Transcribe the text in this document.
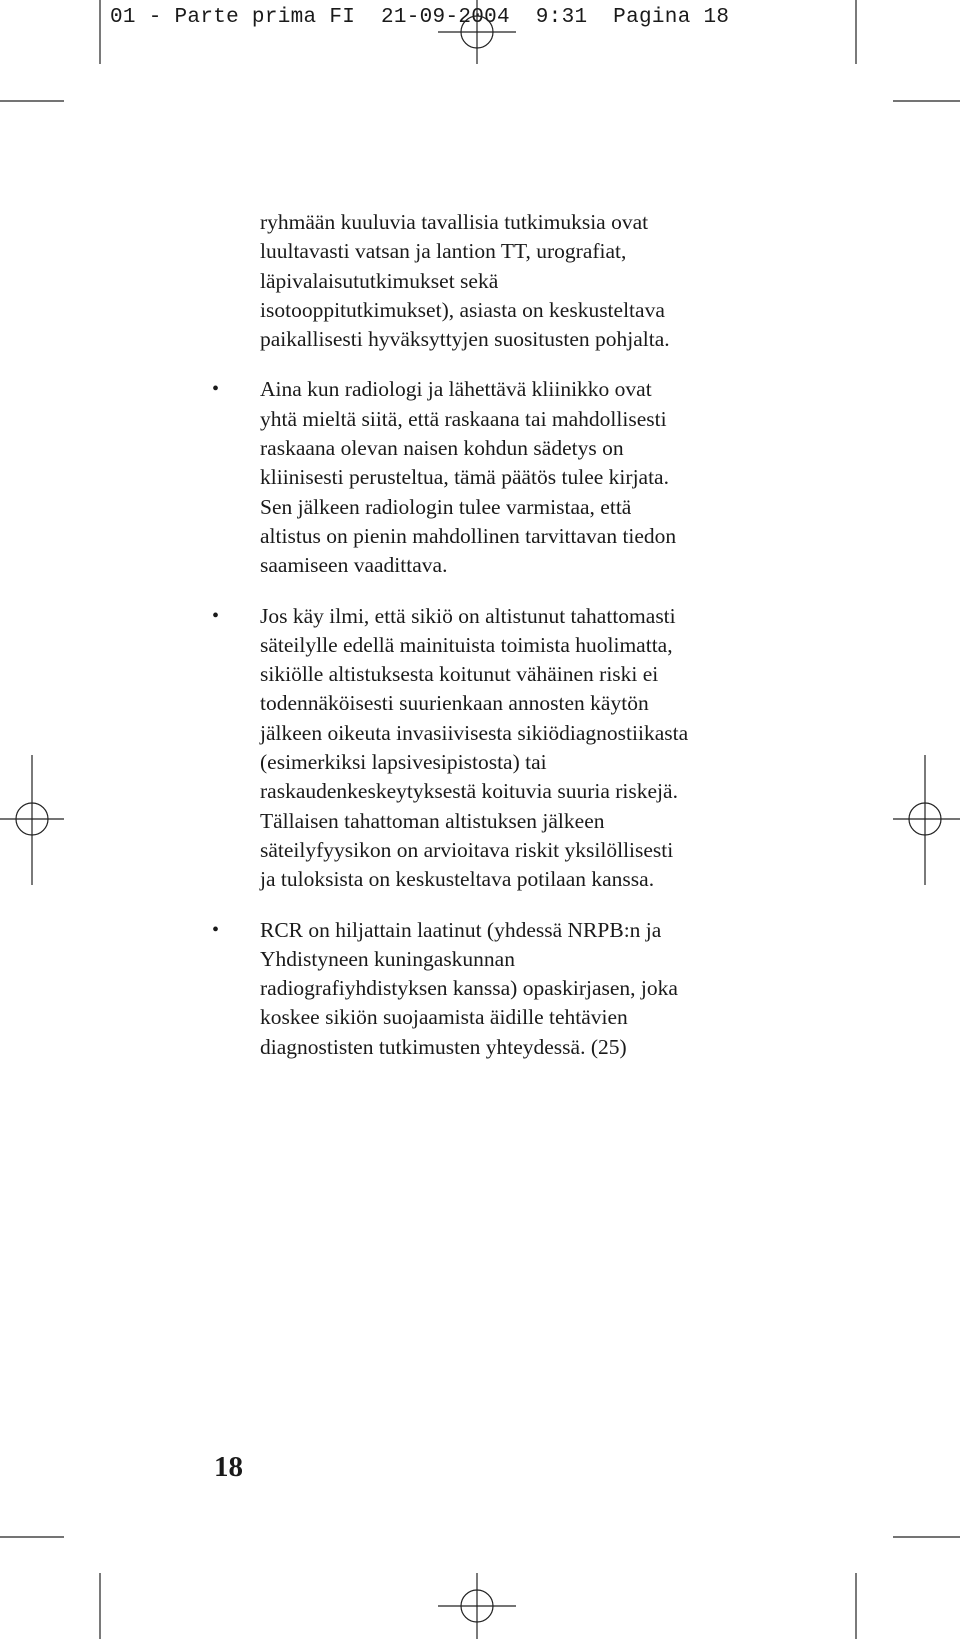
01 - Parte prima FI  21-09-2004  9:31  Pagina 18

ryhmään kuuluvia tavallisia tutkimuksia ovat
luultavasti vatsan ja lantion TT, urografiat,
läpivalaisututkimukset sekä
isotooppitutkimukset), asiasta on keskusteltava
paikallisesti hyväksyttyjen suositusten pohjalta.

• Aina kun radiologi ja lähettävä kliinikko ovat
yhtä mieltä siitä, että raskaana tai mahdollisesti
raskaana olevan naisen kohdun sädetys on
kliinisesti perusteltua, tämä päätös tulee kirjata.
Sen jälkeen radiologin tulee varmistaa, että
altistus on pienin mahdollinen tarvittavan tiedon
saamiseen vaadittava.

• Jos käy ilmi, että sikiö on altistunut tahattomasti
säteilylle edellä mainituista toimista huolimatta,
sikiölle altistuksesta koitunut vähäinen riski ei
todennäköisesti suurienkaan annosten käytön
jälkeen oikeuta invasiivisesta sikiödiagnostiikasta
(esimerkiksi lapsivesipistosta) tai
raskaudenkeskeytyksestä koituvia suuria riskejä.
Tällaisen tahattoman altistuksen jälkeen
säteilyfyysikon on arvioitava riskit yksilöllisesti
ja tuloksista on keskusteltava potilaan kanssa.

• RCR on hiljattain laatinut (yhdessä NRPB:n ja
Yhdistyneen kuningaskunnan
radiografiyhdistyksen kanssa) opaskirjasen, joka
koskee sikiön suojaamista äidille tehtävien
diagnostisten tutkimusten yhteydessä. (25)

18
